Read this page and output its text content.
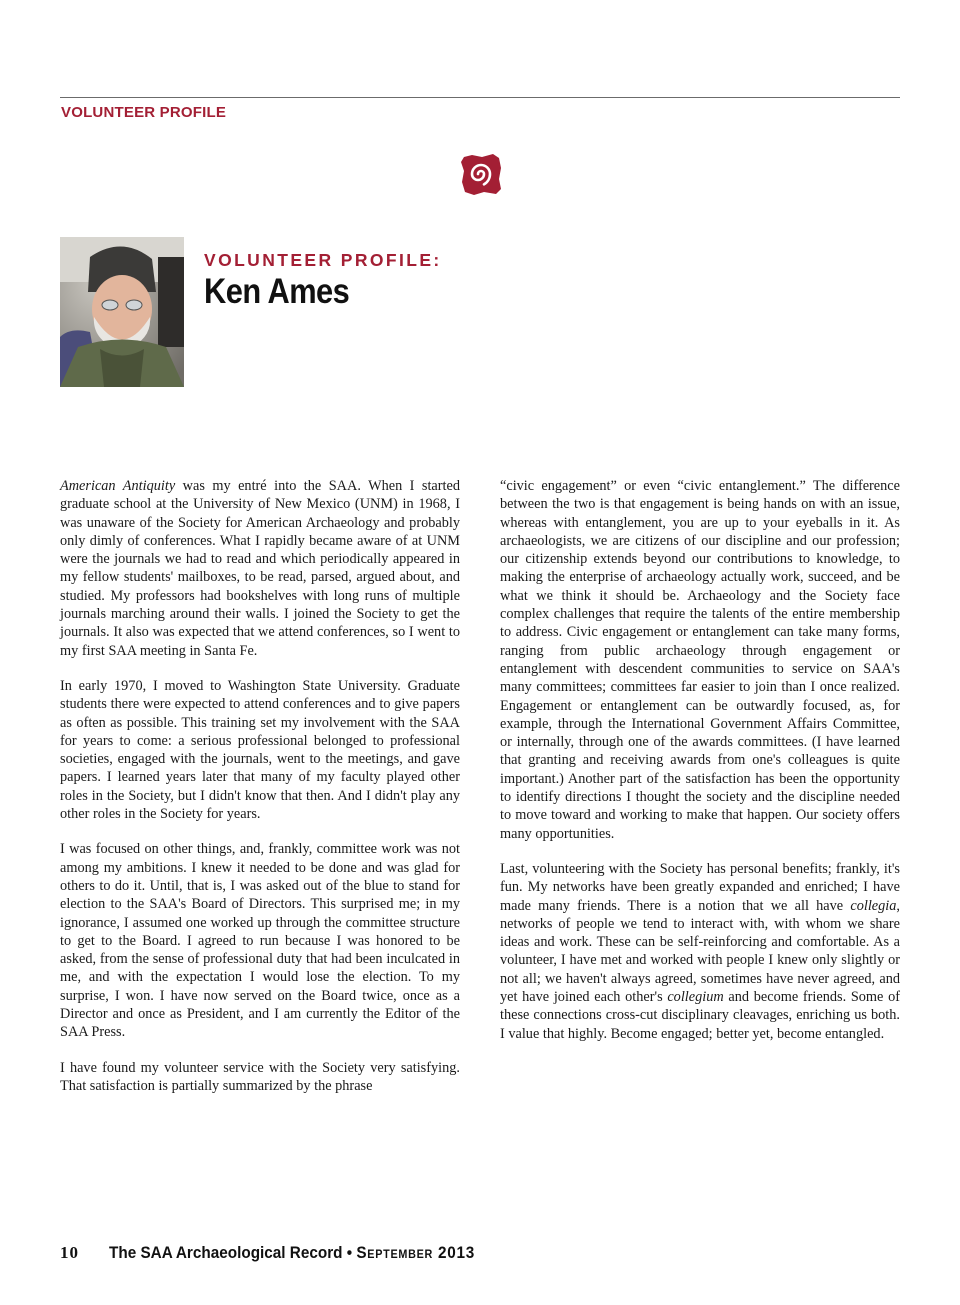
VOLUNTEER PROFILE
VOLUNTEER PROFILE:
Ken Ames

American Antiquity was my entré into the SAA. When I started graduate school at the University of New Mexico (UNM) in 1968, I was unaware of the Society for American Archaeology and probably only dimly of conferences. What I rapidly became aware of at UNM were the journals we had to read and which periodically appeared in my fellow students' mailboxes, to be read, parsed, argued about, and studied. My professors had bookshelves with long runs of multiple journals marching around their walls. I joined the Society to get the journals. It also was expected that we attend conferences, so I went to my first SAA meeting in Santa Fe.

In early 1970, I moved to Washington State University. Graduate students there were expected to attend conferences and to give papers as often as possible. This training set my involvement with the SAA for years to come: a serious professional belonged to professional societies, engaged with the journals, went to the meetings, and gave papers. I learned years later that many of my faculty played other roles in the Society, but I didn't know that then. And I didn't play any other roles in the Society for years.

I was focused on other things, and, frankly, committee work was not among my ambitions. I knew it needed to be done and was glad for others to do it. Until, that is, I was asked out of the blue to stand for election to the SAA's Board of Directors. This surprised me; in my ignorance, I assumed one worked up through the committee structure to get to the Board. I agreed to run because I was honored to be asked, from the sense of professional duty that had been inculcated in me, and with the expectation I would lose the election. To my surprise, I won. I have now served on the Board twice, once as a Director and once as President, and I am currently the Editor of the SAA Press.

I have found my volunteer service with the Society very satisfying. That satisfaction is partially summarized by the phrase

“civic engagement” or even “civic entanglement.” The difference between the two is that engagement is being hands on with an issue, whereas with entanglement, you are up to your eyeballs in it. As archaeologists, we are citizens of our discipline and our profession; our citizenship extends beyond our contributions to knowledge, to making the enterprise of archaeology actually work, succeed, and be what we think it should be. Archaeology and the Society face complex challenges that require the talents of the entire membership to address. Civic engagement or entanglement can take many forms, ranging from public archaeology through engagement or entanglement with descendent communities to service on SAA's many committees; committees far easier to join than I once realized. Engagement or entanglement can be outwardly focused, as, for example, through the International Government Affairs Committee, or internally, through one of the awards committees. (I have learned that granting and receiving awards from one's colleagues is quite important.) Another part of the satisfaction has been the opportunity to identify directions I thought the society and the discipline needed to move toward and working to make that happen. Our society offers many opportunities.

Last, volunteering with the Society has personal benefits; frankly, it's fun. My networks have been greatly expanded and enriched; I have made many friends. There is a notion that we all have collegia, networks of people we tend to interact with, with whom we share ideas and work. These can be self-reinforcing and comfortable. As a volunteer, I have met and worked with people I knew only slightly or not all; we haven't always agreed, sometimes have never agreed, and yet have joined each other's collegium and become friends. Some of these connections cross-cut disciplinary cleavages, enriching us both. I value that highly. Become engaged; better yet, become entangled.

10 The SAA Archaeological Record • September 2013
